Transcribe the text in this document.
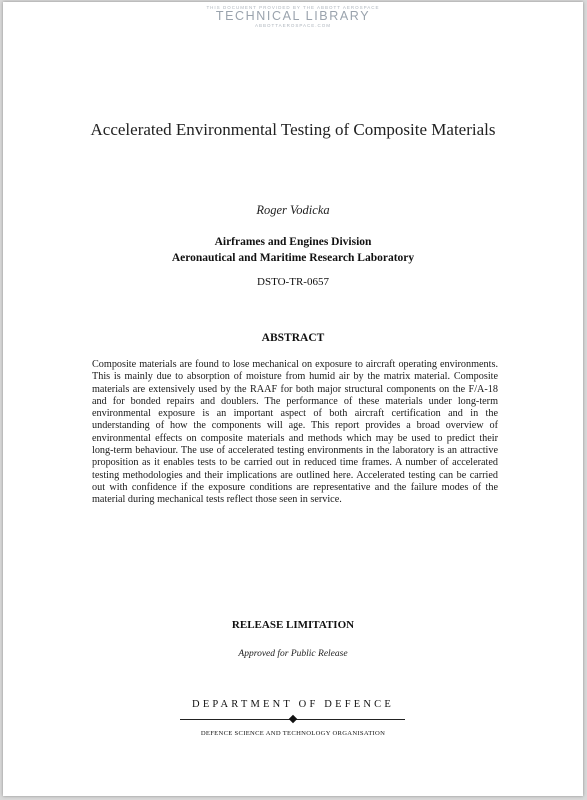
THIS DOCUMENT PROVIDED BY THE ABBOTT AEROSPACE
TECHNICAL LIBRARY
ABBOTTAEROSPACE.COM
Accelerated Environmental Testing of Composite Materials
Roger Vodicka
Airframes and Engines Division
Aeronautical and Maritime Research Laboratory
DSTO-TR-0657
ABSTRACT
Composite materials are found to lose mechanical on exposure to aircraft operating environments. This is mainly due to absorption of moisture from humid air by the matrix material. Composite materials are extensively used by the RAAF for both major structural components on the F/A-18 and for bonded repairs and doublers. The performance of these materials under long-term environmental exposure is an important aspect of both aircraft certification and in the understanding of how the components will age. This report provides a broad overview of environmental effects on composite materials and methods which may be used to predict their long-term behaviour. The use of accelerated testing environments in the laboratory is an attractive proposition as it enables tests to be carried out in reduced time frames. A number of accelerated testing methodologies and their implications are outlined here. Accelerated testing can be carried out with confidence if the exposure conditions are representative and the failure modes of the material during mechanical tests reflect those seen in service.
RELEASE LIMITATION
Approved for Public Release
DEPARTMENT OF DEFENCE
DEFENCE SCIENCE AND TECHNOLOGY ORGANISATION
